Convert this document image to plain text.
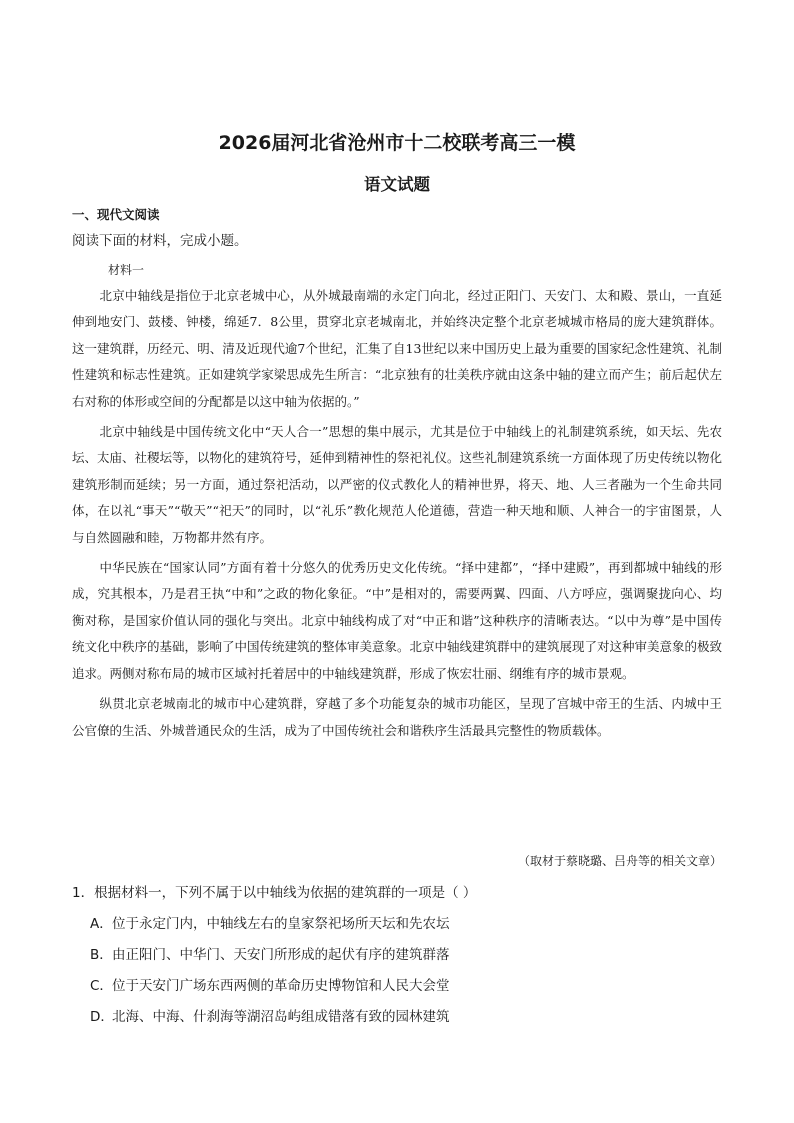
2026届河北省沧州市十二校联考高三一模
语文试题
一、现代文阅读
阅读下面的材料，完成小题。
材料一

北京中轴线是指位于北京老城中心，从外城最南端的永定门向北，经过正阳门、天安门、太和殿、景山，一直延伸到地安门、鼓楼、钟楼，绵延7．8公里，贯穿北京老城南北，并始终决定整个北京老城城市格局的庞大建筑群体。这一建筑群，历经元、明、清及近现代逾7个世纪，汇集了自13世纪以来中国历史上最为重要的国家纪念性建筑、礼制性建筑和标志性建筑。正如建筑学家梁思成先生所言：“北京独有的壮美秩序就由这条中轴的建立而产生；前后起伏左右对称的体形或空间的分配都是以这中轴为依据的。”

北京中轴线是中国传统文化中“天人合一”思想的集中展示，尤其是位于中轴线上的礼制建筑系统，如天坛、先农坛、太庙、社稷坛等，以物化的建筑符号，延伸到精神性的祭祀礼仪。这些礼制建筑系统一方面体现了历史传统以物化建筑形制而延续；另一方面，通过祭祀活动，以严密的仪式教化人的精神世界，将天、地、人三者融为一个生命共同体，在以礼“事天”“敬天”“祀天”的同时，以“礼乐”教化规范人伦道德，营造一种天地和顺、人神合一的宇宙图景，人与自然圆融和睦，万物都井然有序。

中华民族在“国家认同”方面有着十分悠久的优秀历史文化传统。“择中建都”，“择中建殿”，再到都城中轴线的形成，究其根本，乃是君王执“中和”之政的物化象征。“中”是相对的，需要两翼、四面、八方呼应，强调聚拢向心、均衡对称，是国家价值认同的强化与突出。北京中轴线构成了对“中正和谐”这种秩序的清晰表达。“以中为尊”是中国传统文化中秩序的基础，影响了中国传统建筑的整体审美意象。北京中轴线建筑群中的建筑展现了对这种审美意象的极致追求。两侧对称布局的城市区域衬托着居中的中轴线建筑群，形成了恢宏壮丽、纲维有序的城市景观。

纵贯北京老城南北的城市中心建筑群，穿越了多个功能复杂的城市功能区，呈现了宫城中帝王的生活、内城中王公官僚的生活、外城普通民众的生活，成为了中国传统社会和谐秩序生活最具完整性的物质载体。

（取材于蔡晓璐、吕舟等的相关文章）

1．根据材料一，下列不属于以中轴线为依据的建筑群的一项是（ ）

A．位于永定门内，中轴线左右的皇家祭祀场所天坛和先农坛

B．由正阳门、中华门、天安门所形成的起伏有序的建筑群落

C．位于天安门广场东西两侧的革命历史博物馆和人民大会堂

D．北海、中海、什刹海等湖沼岛屿组成错落有致的园林建筑
